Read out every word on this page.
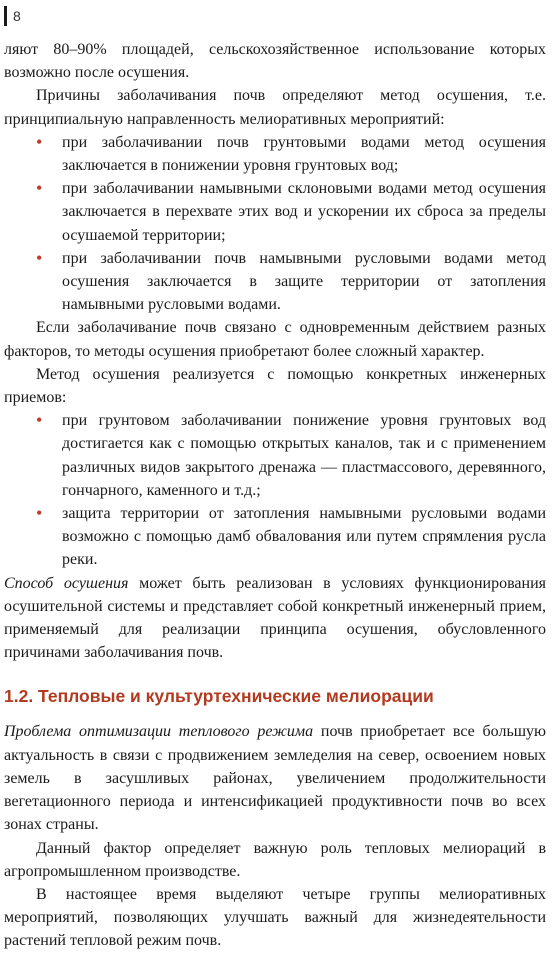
8

ляют 80–90% площадей, сельскохозяйственное использование которых возможно после осушения.

Причины заболачивания почв определяют метод осушения, т.е. принципиальную направленность мелиоративных мероприятий:

• при заболачивании почв грунтовыми водами метод осушения заключается в понижении уровня грунтовых вод;
• при заболачивании намывными склоновыми водами метод осушения заключается в перехвате этих вод и ускорении их сброса за пределы осушаемой территории;
• при заболачивании почв намывными русловыми водами метод осушения заключается в защите территории от затопления намывными русловыми водами.

Если заболачивание почв связано с одновременным действием разных факторов, то методы осушения приобретают более сложный характер.

Метод осушения реализуется с помощью конкретных инженерных приемов:

• при грунтовом заболачивании понижение уровня грунтовых вод достигается как с помощью открытых каналов, так и с применением различных видов закрытого дренажа — пластмассового, деревянного, гончарного, каменного и т.д.;
• защита территории от затопления намывными русловыми водами возможно с помощью дамб обвалования или путем спрямления русла реки.

Способ осушения может быть реализован в условиях функционирования осушительной системы и представляет собой конкретный инженерный прием, применяемый для реализации принципа осушения, обусловленного причинами заболачивания почв.

1.2. Тепловые и культуртехнические мелиорации

Проблема оптимизации теплового режима почв приобретает все большую актуальность в связи с продвижением земледелия на север, освоением новых земель в засушливых районах, увеличением продолжительности вегетационного периода и интенсификацией продуктивности почв во всех зонах страны.

Данный фактор определяет важную роль тепловых мелиораций в агропромышленном производстве.

В настоящее время выделяют четыре группы мелиоративных мероприятий, позволяющих улучшать важный для жизнедеятельности растений тепловой режим почв.
